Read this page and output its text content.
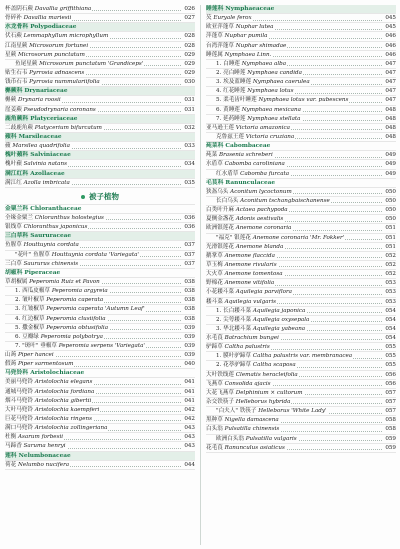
杯盖阴石蕨 Davallia griffithiana	026
骨碎补 Davallia mariesii	027
水龙骨科 Polypodiaceae
伏石蕨 Lemmaphyllum microphyllum	028
江南星蕨 Microsorum fortunei	028
星蕨 Microsorum punctatum	029
鱼尾星蕨 Microsorum punctatum 'Grandiceps'	029
贴生石韦 Pyrrosia adnascens	029
钱币石韦 Pyrrosia nummulariifolia	030
槲蕨科 Drynariaceae
槲蕨 Drynaria roosii	031
崖姜蕨 Pseudodrynaria coronans	031
鹿角蕨科 Platyceriaceae
二歧鹿角蕨 Platycerium bifurcatum	032
蘋科 Marsileaceae
蘋 Marsilea quadrifolia	033
槐叶蘋科 Salviniaceae
槐叶蘋 Salvinia natans	034
满江红科 Azollaceae
满江红 Azolla imbricata	035
被子植物
金粟兰科 Chloranthaceae
全缘金粟兰 Chloranthus holostegius	036
银线草 Chloranthus japonicus	036
三白草科 Saururaceae
鱼腥草 Houttuynia cordata	037
"花叶" 鱼腥草 Houttuynia cordata 'Variegata'	037
三白草 Saururus chinensis	037
胡椒科 Piperaceae
草胡椒属 Peperomia Ruiz et Pavon	038
1. 西瓜皮椒草 Peperomia argyreia	038
2. 皱叶椒草 Peperomia caperata	038
3. 红皱椒草 Peperomia caperata 'Autumn Leaf'	038
4. 红边椒草 Peperomia clusiifolia	038
5. 撒金椒草 Peperomia obtusifolia	039
6. 豆瓣绿 Peperomia polybotrya	039
7. "斑叶" 垂椒草 Peperomia serpens 'Variegata'	039
山蒟 Piper hancei	039
假蒟 Piper sarmentosum	040
马兜铃科 Aristolochiaceae
美丽马兜铃 Aristolochia elegans	041
通城马兜铃 Aristolochia fordiana	041
烟斗马兜铃 Aristolochia gibertii	041
大叶马兜铃 Aristolochia kaempferi	042
巨花马兜铃 Aristolochia ringens	042
满口马兜铃 Aristolochia zollingeriana	043
杜衡 Asarum forbesii	043
马蹄香 Saruma henryi	043
莲科 Nelumbonaceae
荷花 Nelumbo nucifera	044
睡莲科 Nymphaeaceae
芡 Euryale ferox	045
欧亚萍蓬草 Nuphar lutea	045
萍蓬草 Nuphar pumila	046
台湾萍蓬草 Nuphar shimadae	046
睡莲属 Nymphaea Linn.	046
1. 白睡莲 Nymphaea alba	047
2. 亮白睡莲 Nymphaea candida	047
3. 埃及蓝睡莲 Nymphaea caerulea	047
4. 红花睡莲 Nymphaea lotus	047
5. 柔毛齿叶睡莲 Nymphaea lotus var. pubescens	047
6. 黄睡莲 Nymphaea mexicana	048
7. 延药睡莲 Nymphaea stellata	048
亚马逊王莲 Victoria amazonica	048
克鲁兹王莲 Victoria cruziana	048
莼菜科 Cabombaceae
莼菜 Brasenia schreberi	049
水盾草 Cabomba caroliniana	049
红水盾草 Cabomba furcata	049
毛茛科 Ranunculaceae
狭盔乌头 Aconitum lycoctonum	050
长白乌头 Aconitum tschangbaischanense	050
白类叶升麻 Actaea pachypoda	050
夏侧金盏花 Adonis aestivalis	050
欧洲银莲花 Anemone coronaria	051
"福克" 银莲花 Anemone coronaria 'Mr. Fokker'	051
光滑银莲花 Anemone blanda	051
鹅掌草 Anemone flaccida	052
草玉梅 Anemone rivularis	052
大火草 Anemone tomentosa	052
野棉花 Anemone vitifolia	053
小花耧斗菜 Aquilegia parviflora	053
耧斗菜 Aquilegia vulgaris	053
1. 长白耧斗菜 Aquilegia japonica	054
2. 尖萼耧斗菜 Aquilegia oxysepala	054
3. 华北耧斗菜 Aquilegia yabeana	054
水毛茛 Batrachium bungei	054
驴蹄草 Caltha palustris	055
1. 膜叶驴蹄草 Caltha palustris var. membranacea	055
2. 花葶驴蹄草 Caltha scaposa	055
大叶铁线莲 Clematis heracleifolia	056
飞燕草 Consolida ajacis	056
大花飞燕草 Delphinium × cultorum	057
杂交铁筷子 Helleborus hybrida	057
"白夫人" 铁筷子 Helleborus 'White Lady'	057
黑种草 Nigella damascena	058
白头翁 Pulsatilla chinensis	058
欧洲白头翁 Pulsatilla vulgaris	059
花毛茛 Ranunculus asiaticus	059
